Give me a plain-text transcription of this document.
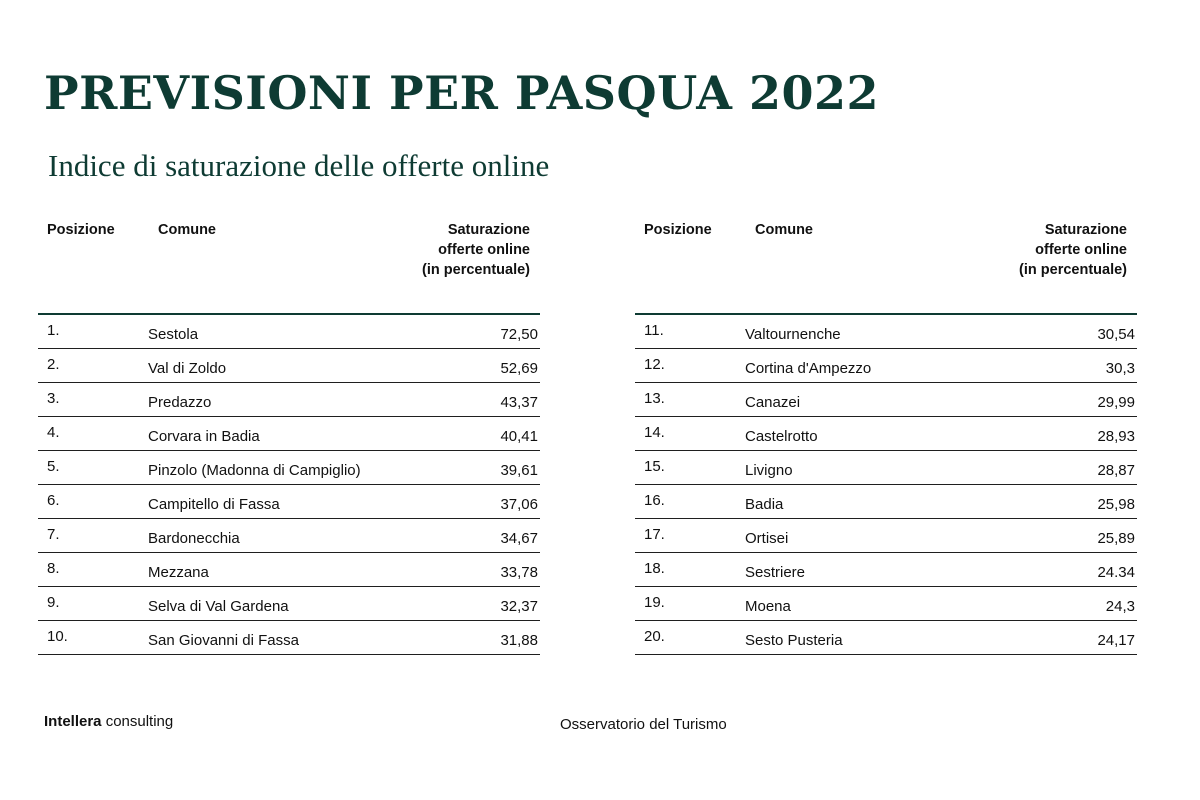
PREVISIONI PER PASQUA 2022
Indice di saturazione delle offerte online
Posizione	Comune	Saturazione
offerte online
(in percentuale)
1.	Sestola	72,50
2.	Val di Zoldo	52,69
3.	Predazzo	43,37
4.	Corvara in Badia	40,41
5.	Pinzolo (Madonna di Campiglio)	39,61
6.	Campitello di Fassa	37,06
7.	Bardonecchia	34,67
8.	Mezzana	33,78
9.	Selva di Val Gardena	32,37
10.	San Giovanni di Fassa	31,88
Posizione	Comune	Saturazione
offerte online
(in percentuale)
11.	Valtournenche	30,54
12.	Cortina d'Ampezzo	30,3
13.	Canazei	29,99
14.	Castelrotto	28,93
15.	Livigno	28,87
16.	Badia	25,98
17.	Ortisei	25,89
18.	Sestriere	24.34
19.	Moena	24,3
20.	Sesto Pusteria	24,17
Intellera consulting	Osservatorio del Turismo
